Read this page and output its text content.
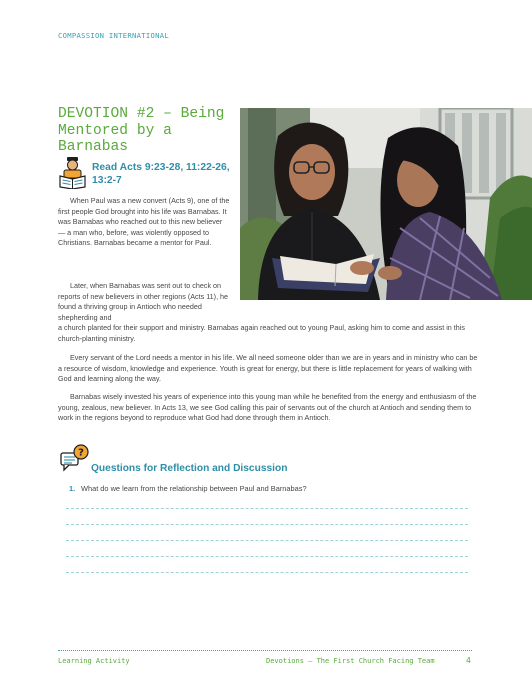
COMPASSION INTERNATIONAL
DEVOTION #2 – Being Mentored by a Barnabas
Read Acts 9:23-28, 11:22-26, 13:2-7
When Paul was a new convert (Acts 9), one of the first people God brought into his life was Barnabas. It was Barnabas who reached out to this new believer — a man who, before, was violently opposed to Christians. Barnabas became a mentor for Paul.
Later, when Barnabas was sent out to check on reports of new believers in other regions (Acts 11), he found a thriving group in Antioch who needed shepherding and
a church planted for their support and ministry. Barnabas again reached out to young Paul, asking him to come and assist in this church-planting ministry.
Every servant of the Lord needs a mentor in his life. We all need someone older than we are in years and in ministry who can be a resource of wisdom, knowledge and experience. Youth is great for energy, but there is little replacement for years of walking with God and learning along the way.
Barnabas wisely invested his years of experience into this young man while he benefited from the energy and enthusiasm of the young, zealous, new believer. In Acts 13, we see God calling this pair of servants out of the church at Antioch and sending them to work in the regions beyond to reproduce what God had done through them in Antioch.
?
Questions for Reflection and Discussion
1. What do we learn from the relationship between Paul and Barnabas?
Learning Activity	Devotions – The First Church Facing Team	4
